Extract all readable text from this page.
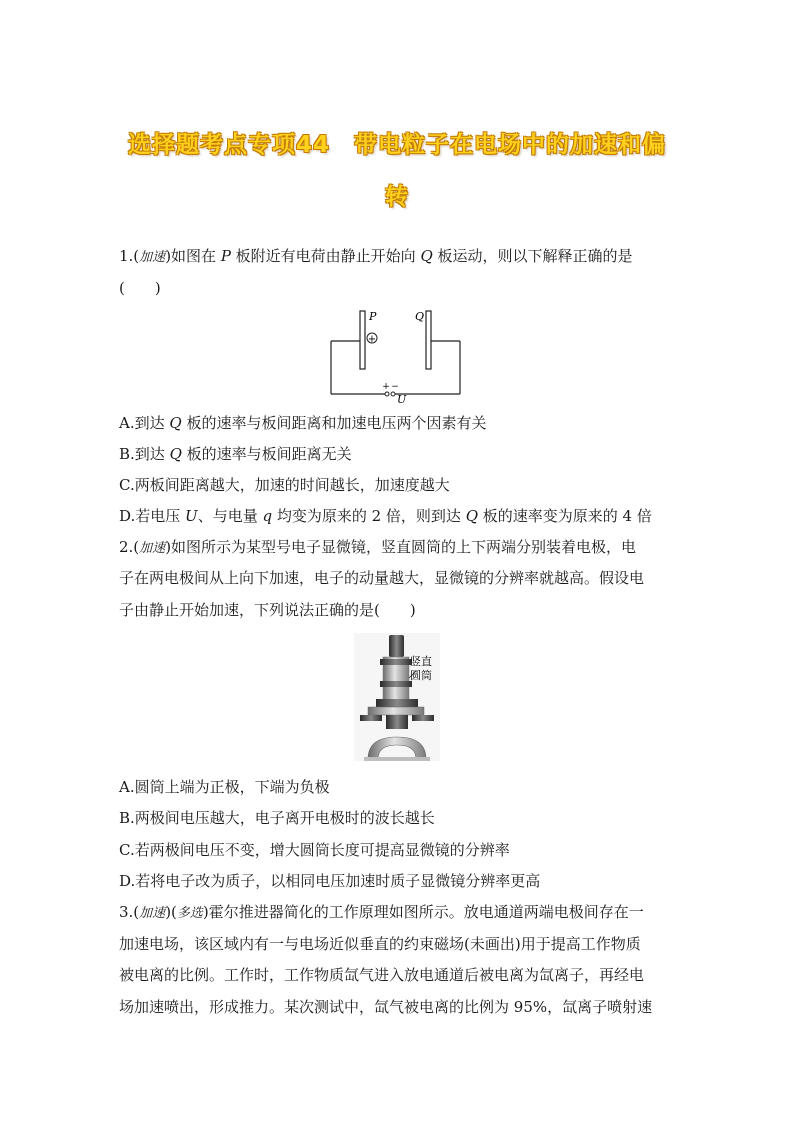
选择题考点专项44　带电粒子在电场中的加速和偏
转
1.(加速)如图在 P 板附近有电荷由静止开始向 Q 板运动，则以下解释正确的是
(　　)
P	Q
+
+ −
U
A.到达 Q 板的速率与板间距离和加速电压两个因素有关
B.到达 Q 板的速率与板间距离无关
C.两板间距离越大，加速的时间越长，加速度越大
D.若电压 U、与电量 q 均变为原来的 2 倍，则到达 Q 板的速率变为原来的 4 倍
2.(加速)如图所示为某型号电子显微镜，竖直圆筒的上下两端分别装着电极，电
子在两电极间从上向下加速，电子的动量越大，显微镜的分辨率就越高。假设电
子由静止开始加速，下列说法正确的是(　　)
竖直
圆筒
A.圆筒上端为正极，下端为负极
B.两极间电压越大，电子离开电极时的波长越长
C.若两极间电压不变，增大圆筒长度可提高显微镜的分辨率
D.若将电子改为质子，以相同电压加速时质子显微镜分辨率更高
3.(加速)(多选)霍尔推进器简化的工作原理如图所示。放电通道两端电极间存在一
加速电场，该区域内有一与电场近似垂直的约束磁场(未画出)用于提高工作物质
被电离的比例。工作时，工作物质氙气进入放电通道后被电离为氙离子，再经电
场加速喷出，形成推力。某次测试中，氙气被电离的比例为 95%，氙离子喷射速
